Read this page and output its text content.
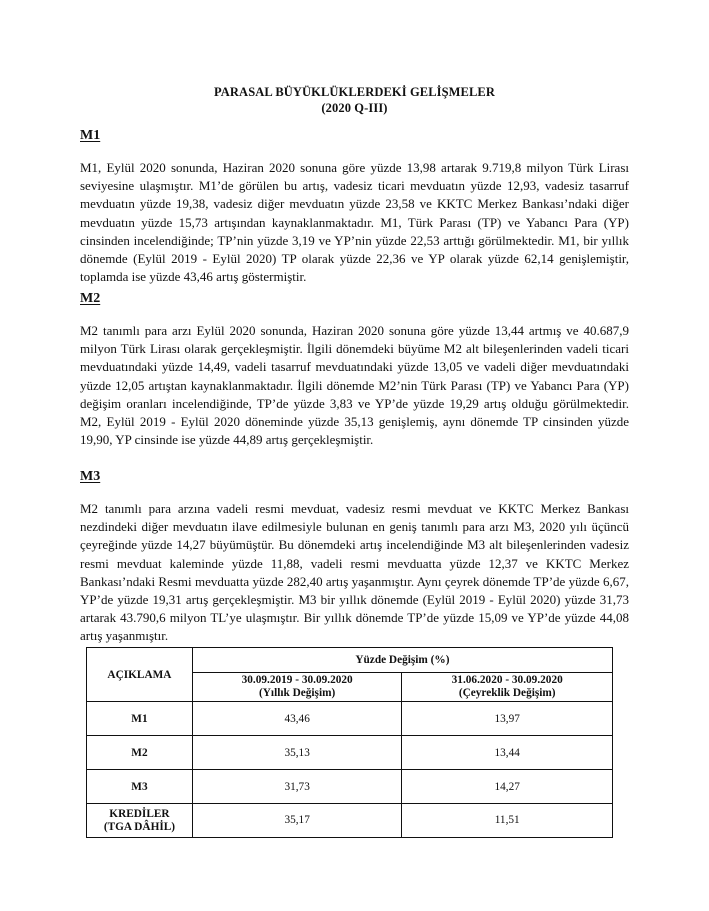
PARASAL BÜYÜKLÜKLERDEKİ GELİŞMELER
(2020 Q-III)
M1

M1, Eylül 2020 sonunda, Haziran 2020 sonuna göre yüzde 13,98 artarak 9.719,8 milyon Türk Lirası seviyesine ulaşmıştır. M1’de görülen bu artış, vadesiz ticari mevduatın yüzde 12,93, vadesiz tasarruf mevduatın yüzde 19,38, vadesiz diğer mevduatın yüzde 23,58 ve KKTC Merkez Bankası’ndaki diğer mevduatın yüzde 15,73 artışından kaynaklanmaktadır. M1, Türk Parası (TP) ve Yabancı Para (YP) cinsinden incelendiğinde; TP’nin yüzde 3,19 ve YP’nin yüzde 22,53 arttığı görülmektedir. M1, bir yıllık dönemde (Eylül 2019 - Eylül 2020) TP olarak yüzde 22,36 ve YP olarak yüzde 62,14 genişlemiştir, toplamda ise yüzde 43,46 artış göstermiştir.

M2

M2 tanımlı para arzı Eylül 2020 sonunda, Haziran 2020 sonuna göre yüzde 13,44 artmış ve 40.687,9 milyon Türk Lirası olarak gerçekleşmiştir. İlgili dönemdeki büyüme M2 alt bileşenlerinden vadeli ticari mevduatındaki yüzde 14,49, vadeli tasarruf mevduatındaki yüzde 13,05 ve vadeli diğer mevduatındaki yüzde 12,05 artıştan kaynaklanmaktadır. İlgili dönemde M2’nin Türk Parası (TP) ve Yabancı Para (YP) değişim oranları incelendiğinde, TP’de yüzde 3,83 ve YP’de yüzde 19,29 artış olduğu görülmektedir. M2, Eylül 2019 - Eylül 2020 döneminde yüzde 35,13 genişlemiş, aynı dönemde TP cinsinden yüzde 19,90, YP cinsinde ise yüzde 44,89 artış gerçekleşmiştir.

M3

M2 tanımlı para arzına vadeli resmi mevduat, vadesiz resmi mevduat ve KKTC Merkez Bankası nezdindeki diğer mevduatın ilave edilmesiyle bulunan en geniş tanımlı para arzı M3, 2020 yılı üçüncü çeyreğinde yüzde 14,27 büyümüştür. Bu dönemdeki artış incelendiğinde M3 alt bileşenlerinden vadesiz resmi mevduat kaleminde yüzde 11,88, vadeli resmi mevduatta yüzde 12,37 ve KKTC Merkez Bankası’ndaki Resmi mevduatta yüzde 282,40 artış yaşanmıştır. Aynı çeyrek dönemde TP’de yüzde 6,67, YP’de yüzde 19,31 artış gerçekleşmiştir. M3 bir yıllık dönemde (Eylül 2019 - Eylül 2020) yüzde 31,73 artarak 43.790,6 milyon TL’ye ulaşmıştır. Bir yıllık dönemde TP’de yüzde 15,09 ve YP’de yüzde 44,08 artış yaşanmıştır.

AÇIKLAMA	Yüzde Değişim (%)	

30.09.2019 - 30.09.2020
(Yıllık Değişim)

31.06.2020 - 30.09.2020
(Çeyreklik Değişim)

M1	43,46	13,97
M2	35,13	13,44
M3	31,73	14,27

KREDİLER
(TGA DÂHİL)	35,17	11,51
